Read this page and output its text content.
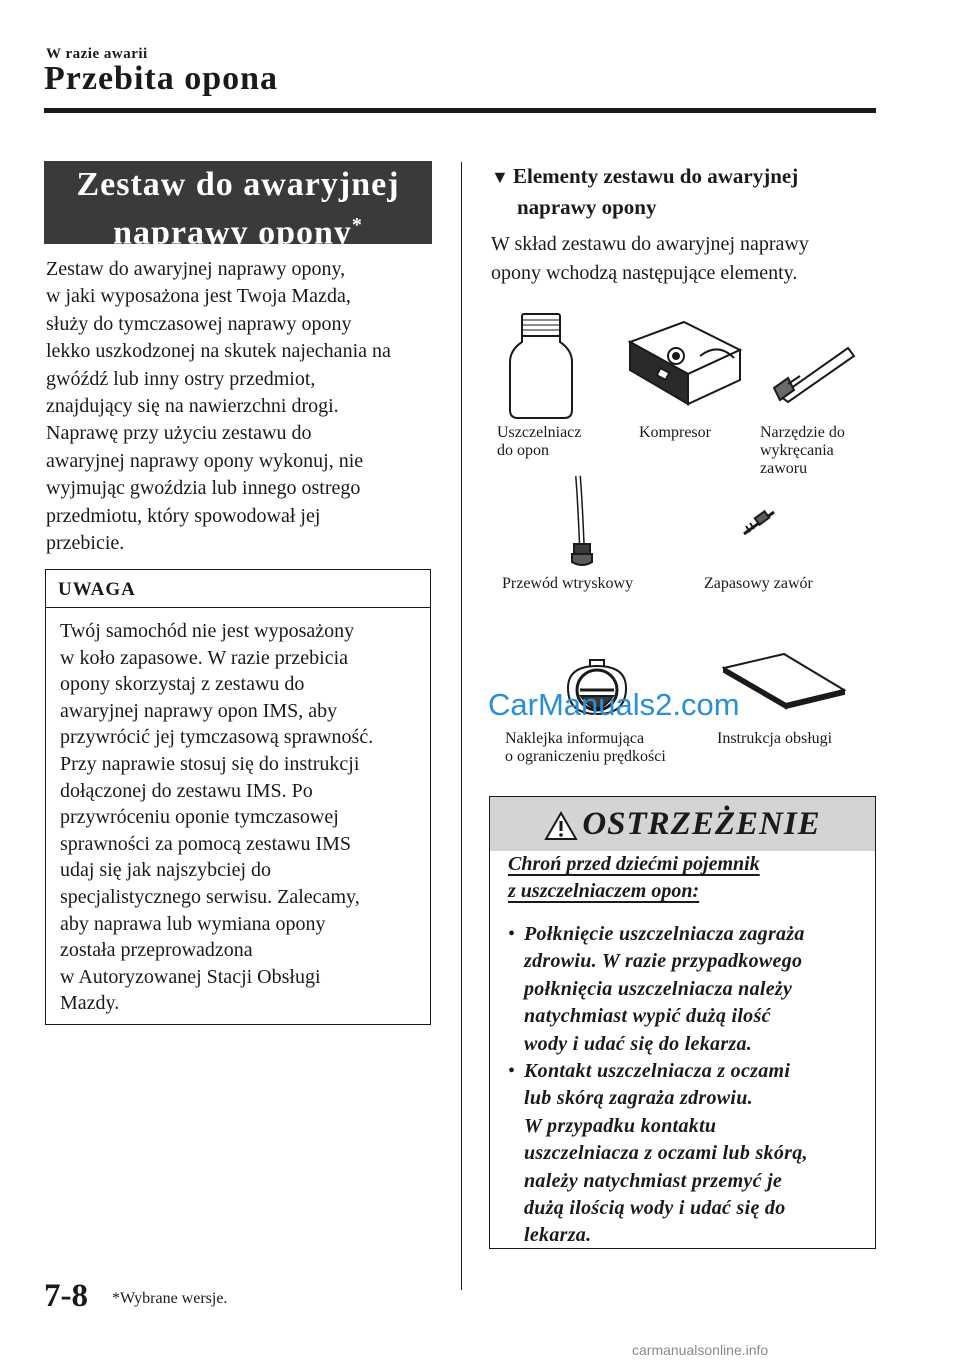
W razie awarii
Przebita opona
Zestaw do awaryjnej
naprawy opony*
Zestaw do awaryjnej naprawy opony,
w jaki wyposażona jest Twoja Mazda,
służy do tymczasowej naprawy opony
lekko uszkodzonej na skutek najechania na
gwóźdź lub inny ostry przedmiot,
znajdujący się na nawierzchni drogi.
Naprawę przy użyciu zestawu do
awaryjnej naprawy opony wykonuj, nie
wyjmując gwoździa lub innego ostrego
przedmiotu, który spowodował jej
przebicie.
UWAGA
Twój samochód nie jest wyposażony
w koło zapasowe. W razie przebicia
opony skorzystaj z zestawu do
awaryjnej naprawy opon IMS, aby
przywrócić jej tymczasową sprawność.
Przy naprawie stosuj się do instrukcji
dołączonej do zestawu IMS. Po
przywróceniu oponie tymczasowej
sprawności za pomocą zestawu IMS
udaj się jak najszybciej do
specjalistycznego serwisu. Zalecamy,
aby naprawa lub wymiana opony
została przeprowadzona
w Autoryzowanej Stacji Obsługi
Mazdy.
▼ Elementy zestawu do awaryjnej
naprawy opony
W skład zestawu do awaryjnej naprawy
opony wchodzą następujące elementy.
Uszczelniacz
do opon
Kompresor	Narzędzie do
wykręcania
zaworu
Przewód wtryskowy	Zapasowy zawór
Naklejka informująca
o ograniczeniu prędkości
Instrukcja obsługi
CarManuals2.com
OSTRZEŻENIE
Chroń przed dziećmi pojemnik
z uszczelniaczem opon:
• Połknięcie uszczelniacza zagraża
zdrowiu. W razie przypadkowego
połknięcia uszczelniacza należy
natychmiast wypić dużą ilość
wody i udać się do lekarza.
• Kontakt uszczelniacza z oczami
lub skórą zagraża zdrowiu.
W przypadku kontaktu
uszczelniacza z oczami lub skórą,
należy natychmiast przemyć je
dużą ilością wody i udać się do
lekarza.
7-8 *Wybrane wersje.
carmanualsonline.info
